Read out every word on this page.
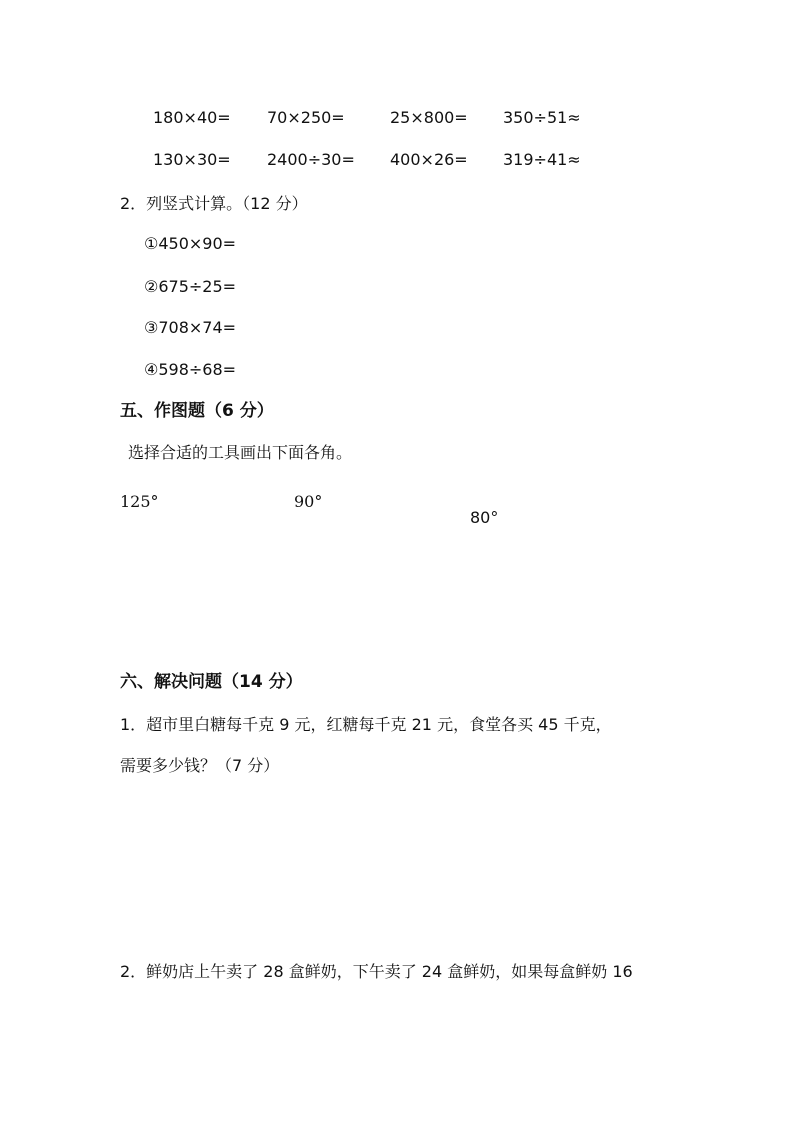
180×40= 70×250=	25×800= 350÷51≈
130×30= 2400÷30= 400×26= 319÷41≈
2．列竖式计算。（12 分）
①450×90=
②675÷25=
③708×74=
④598÷68=
五、作图题（6 分）
选择合适的工具画出下面各角。
125°	90°
80°
六、解决问题（14 分）
1．超市里白糖每千克 9 元，红糖每千克 21 元，食堂各买 45 千克，
需要多少钱？（7 分）
2．鲜奶店上午卖了 28 盒鲜奶，下午卖了 24 盒鲜奶，如果每盒鲜奶 16
